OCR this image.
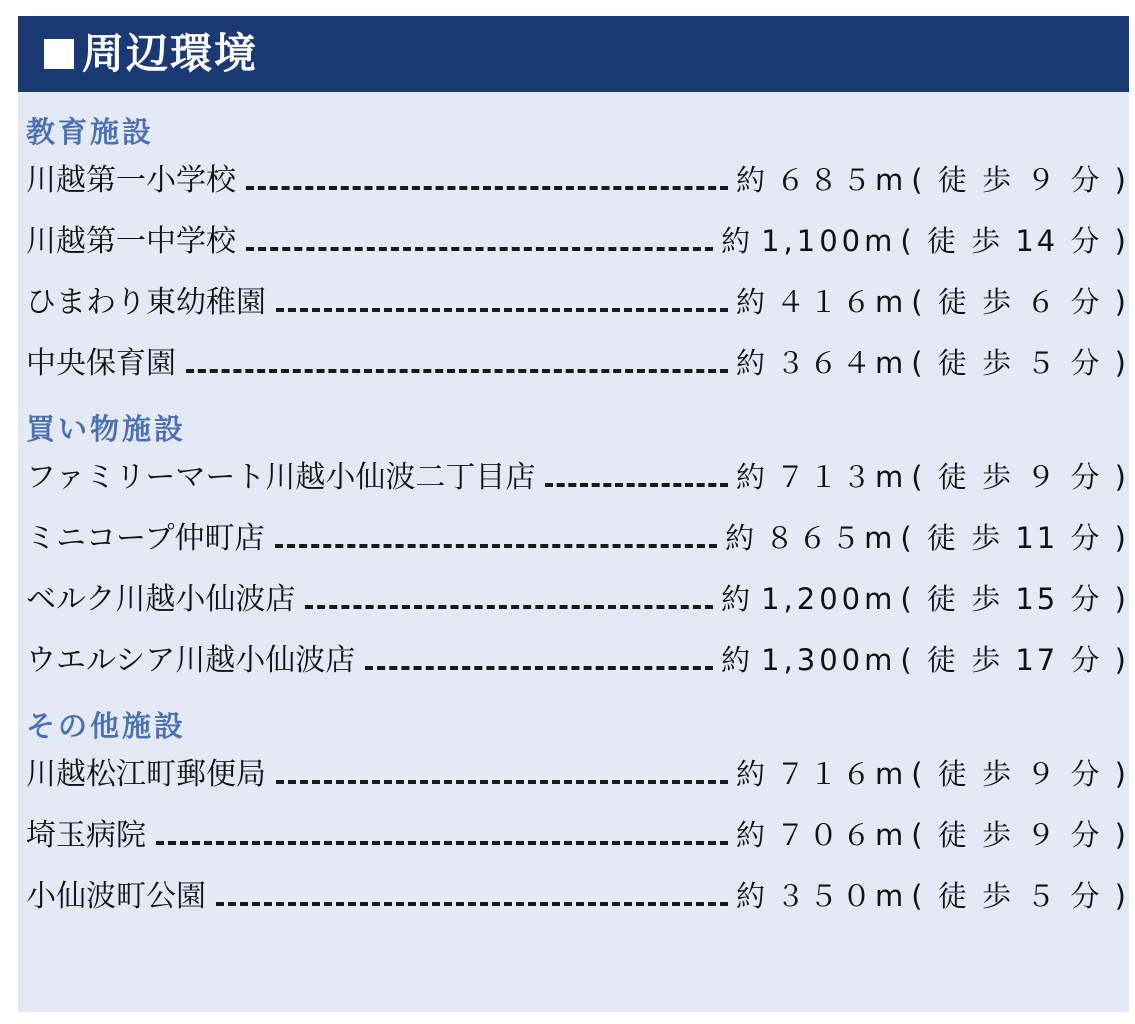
周辺環境
教育施設
川越第一小学校	約 ６８５m ( 徒 歩 ９ 分 )
川越第一中学校	約 1,100m ( 徒 歩 14 分 )
ひまわり東幼稚園	約 ４１６m ( 徒 歩 ６ 分 )
中央保育園	約 ３６４m ( 徒 歩 ５ 分 )
買い物施設
ファミリーマート川越小仙波二丁目店	約 ７１３m ( 徒 歩 ９ 分 )
ミニコープ仲町店	約 ８６５m ( 徒 歩 11 分 )
ベルク川越小仙波店	約 1,200m ( 徒 歩 15 分 )
ウエルシア川越小仙波店	約 1,300m ( 徒 歩 17 分 )
その他施設
川越松江町郵便局	約 ７１６m ( 徒 歩 ９ 分 )
埼玉病院	約 ７０６m ( 徒 歩 ９ 分 )
小仙波町公園	約 ３５０m ( 徒 歩 ５ 分 )
